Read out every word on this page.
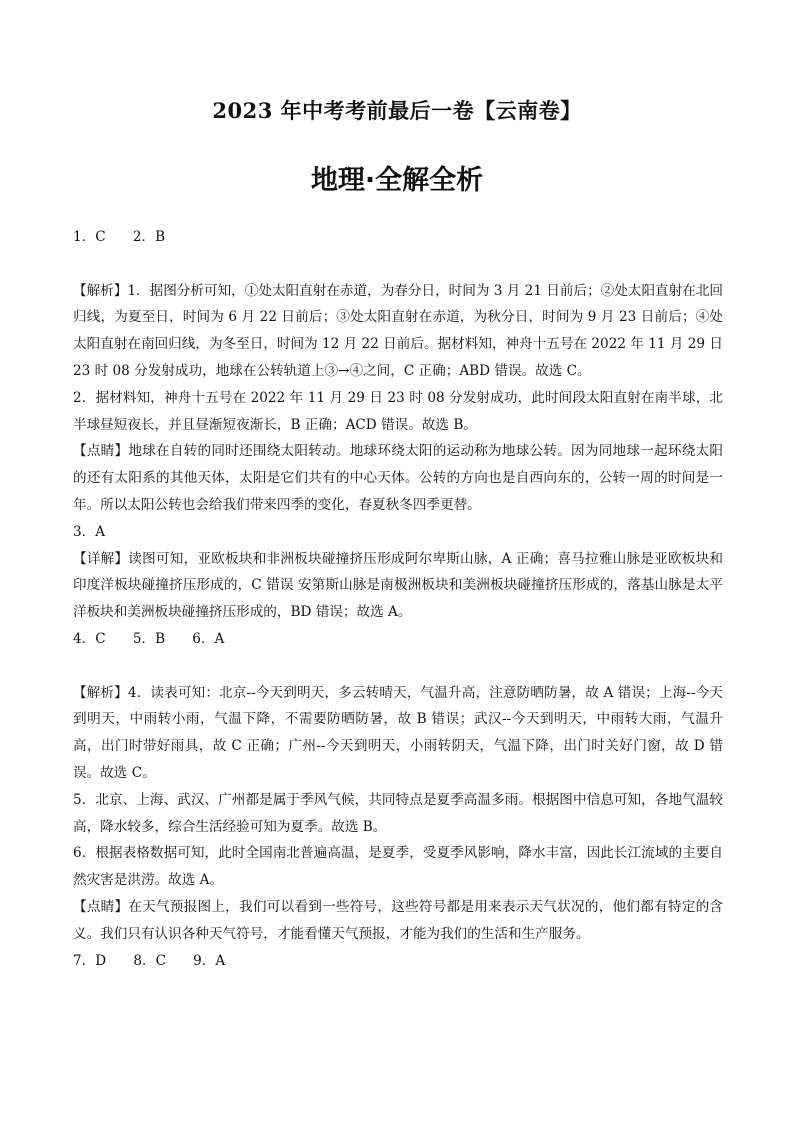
2023 年中考考前最后一卷【云南卷】
地理·全解全析

1．C　　2．B

【解析】1．据图分析可知，①处太阳直射在赤道，为春分日，时间为 3 月 21 日前后；②处太阳直射在北回归线，为夏至日，时间为 6 月 22 日前后；③处太阳直射在赤道，为秋分日，时间为 9 月 23 日前后；④处太阳直射在南回归线，为冬至日，时间为 12 月 22 日前后。据材料知，神舟十五号在 2022 年 11 月 29 日 23 时 08 分发射成功，地球在公转轨道上③→④之间，C 正确；ABD 错误。故选 C。

2．据材料知，神舟十五号在 2022 年 11 月 29 日 23 时 08 分发射成功，此时间段太阳直射在南半球，北半球昼短夜长，并且昼渐短夜渐长，B 正确；ACD 错误。故选 B。

【点睛】地球在自转的同时还围绕太阳转动。地球环绕太阳的运动称为地球公转。因为同地球一起环绕太阳的还有太阳系的其他天体，太阳是它们共有的中心天体。公转的方向也是自西向东的，公转一周的时间是一年。所以太阳公转也会给我们带来四季的变化，春夏秋冬四季更替。

3．A

【详解】读图可知，亚欧板块和非洲板块碰撞挤压形成阿尔卑斯山脉，A 正确；喜马拉雅山脉是亚欧板块和印度洋板块碰撞挤压形成的，C 错误 安第斯山脉是南极洲板块和美洲板块碰撞挤压形成的，落基山脉是太平洋板块和美洲板块碰撞挤压形成的，BD 错误；故选 A。

4．C　　5．B　　6．A

【解析】4．读表可知：北京--今天到明天，多云转晴天，气温升高，注意防晒防暑，故 A 错误；上海--今天到明天，中雨转小雨，气温下降，不需要防晒防暑，故 B 错误；武汉--今天到明天，中雨转大雨，气温升高，出门时带好雨具，故 C 正确；广州--今天到明天，小雨转阴天，气温下降，出门时关好门窗，故 D 错误。故选 C。

5．北京、上海、武汉、广州都是属于季风气候，共同特点是夏季高温多雨。根据图中信息可知，各地气温较高，降水较多，综合生活经验可知为夏季。故选 B。

6．根据表格数据可知，此时全国南北普遍高温，是夏季，受夏季风影响，降水丰富，因此长江流域的主要自然灾害是洪涝。故选 A。

【点睛】在天气预报图上，我们可以看到一些符号，这些符号都是用来表示天气状况的，他们都有特定的含义。我们只有认识各种天气符号，才能看懂天气预报，才能为我们的生活和生产服务。

7．D　　8．C　　9．A
